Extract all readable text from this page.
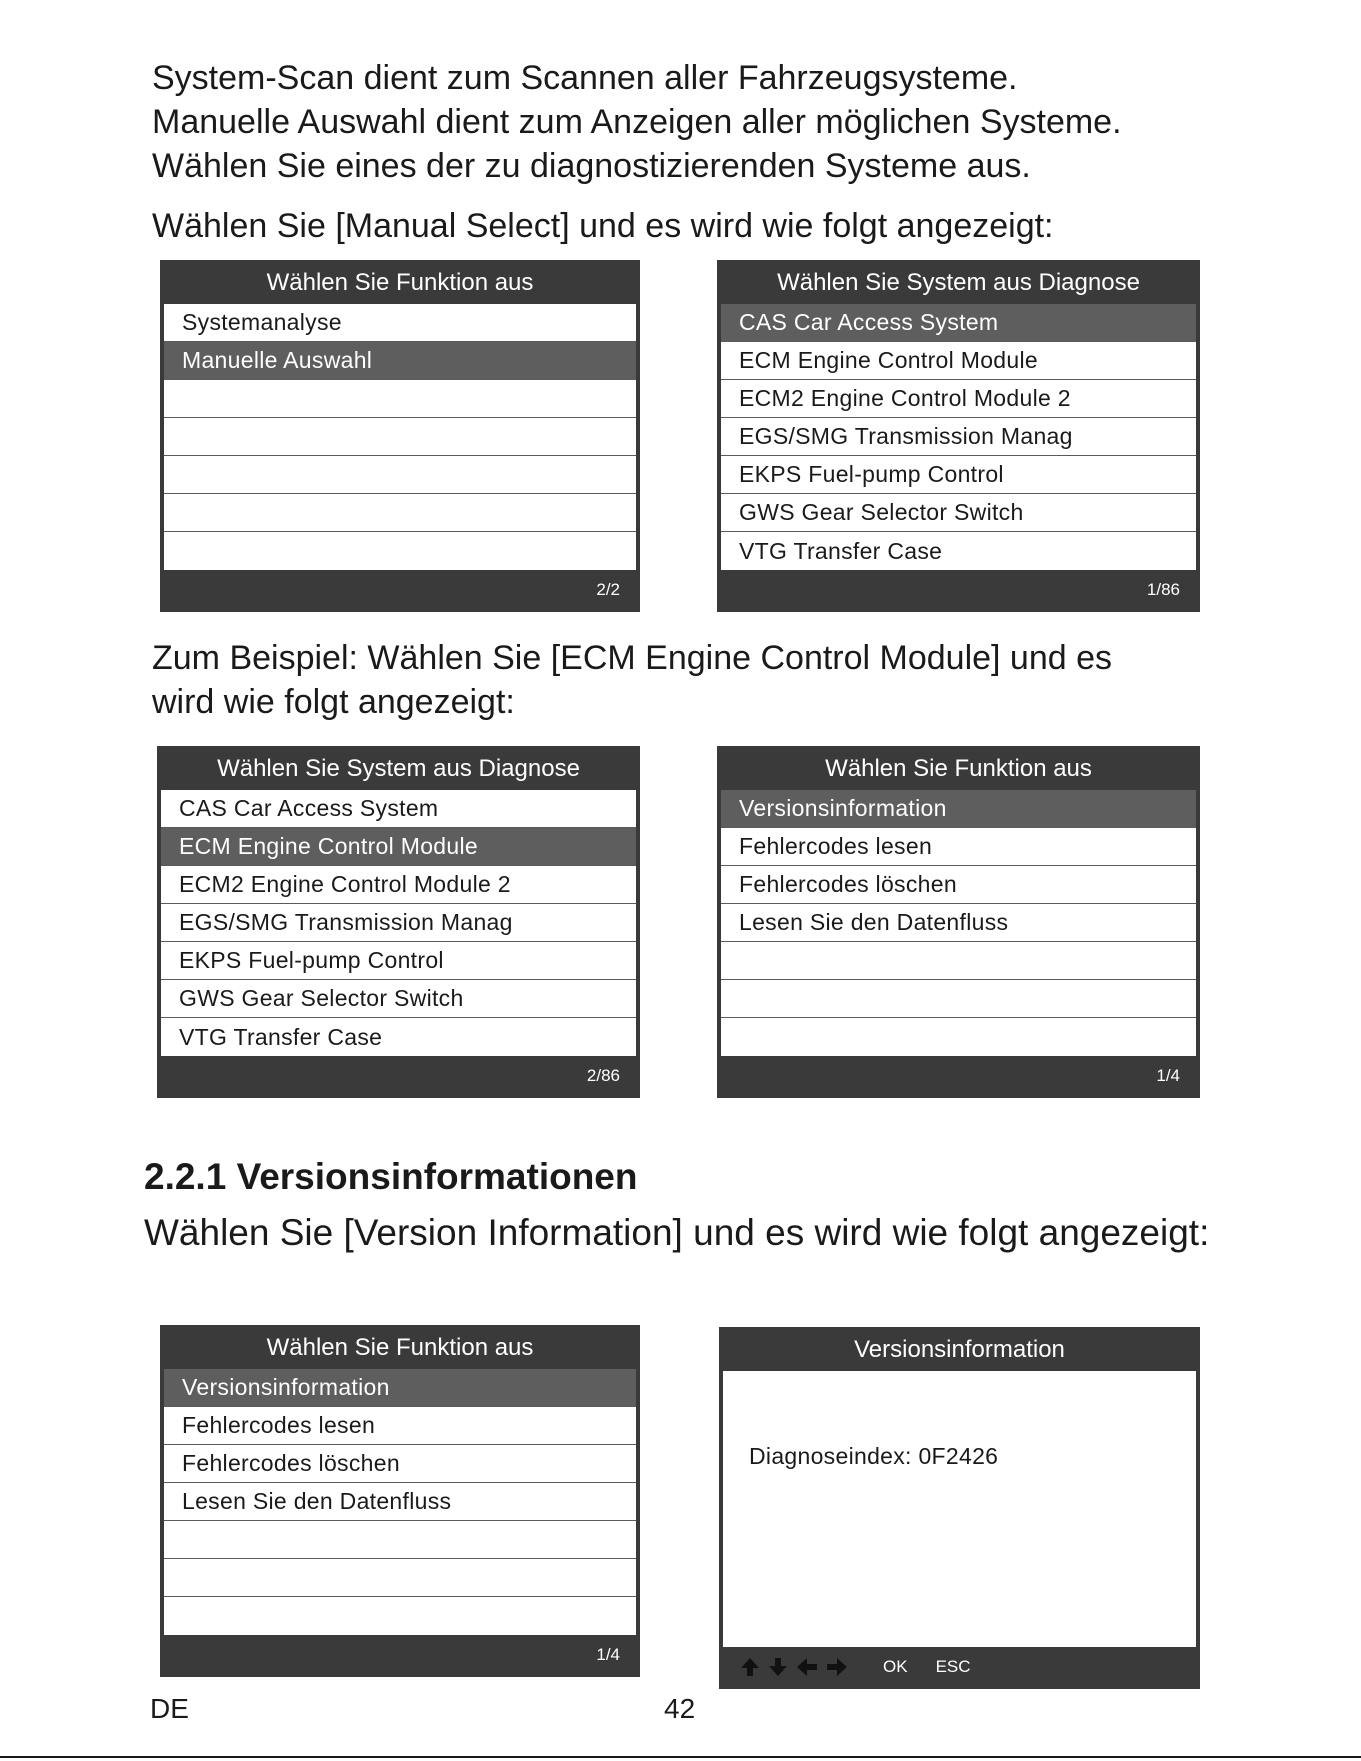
System-Scan dient zum Scannen aller Fahrzeugsysteme.
Manuelle Auswahl dient zum Anzeigen aller möglichen Systeme.
Wählen Sie eines der zu diagnostizierenden Systeme aus.
Wählen Sie [Manual Select] und es wird wie folgt angezeigt:
Wählen Sie Funktion aus
Systemanalyse
Manuelle Auswahl
2/2
Wählen Sie System aus Diagnose
CAS Car Access System
ECM Engine Control Module
ECM2 Engine Control Module 2
EGS/SMG Transmission Manag
EKPS Fuel-pump Control
GWS Gear Selector Switch
VTG Transfer Case
1/86
Zum Beispiel: Wählen Sie [ECM Engine Control Module] und es
wird wie folgt angezeigt:
Wählen Sie System aus Diagnose
CAS Car Access System
ECM Engine Control Module
ECM2 Engine Control Module 2
EGS/SMG Transmission Manag
EKPS Fuel-pump Control
GWS Gear Selector Switch
VTG Transfer Case
2/86
Wählen Sie Funktion aus
Versionsinformation
Fehlercodes lesen
Fehlercodes löschen
Lesen Sie den Datenfluss
1/4
2.2.1 Versionsinformationen
Wählen Sie [Version Information] und es wird wie folgt angezeigt:
Wählen Sie Funktion aus
Versionsinformation
Fehlercodes lesen
Fehlercodes löschen
Lesen Sie den Datenfluss
1/4
Versionsinformation
Diagnoseindex: 0F2426
OK ESC
DE	42
